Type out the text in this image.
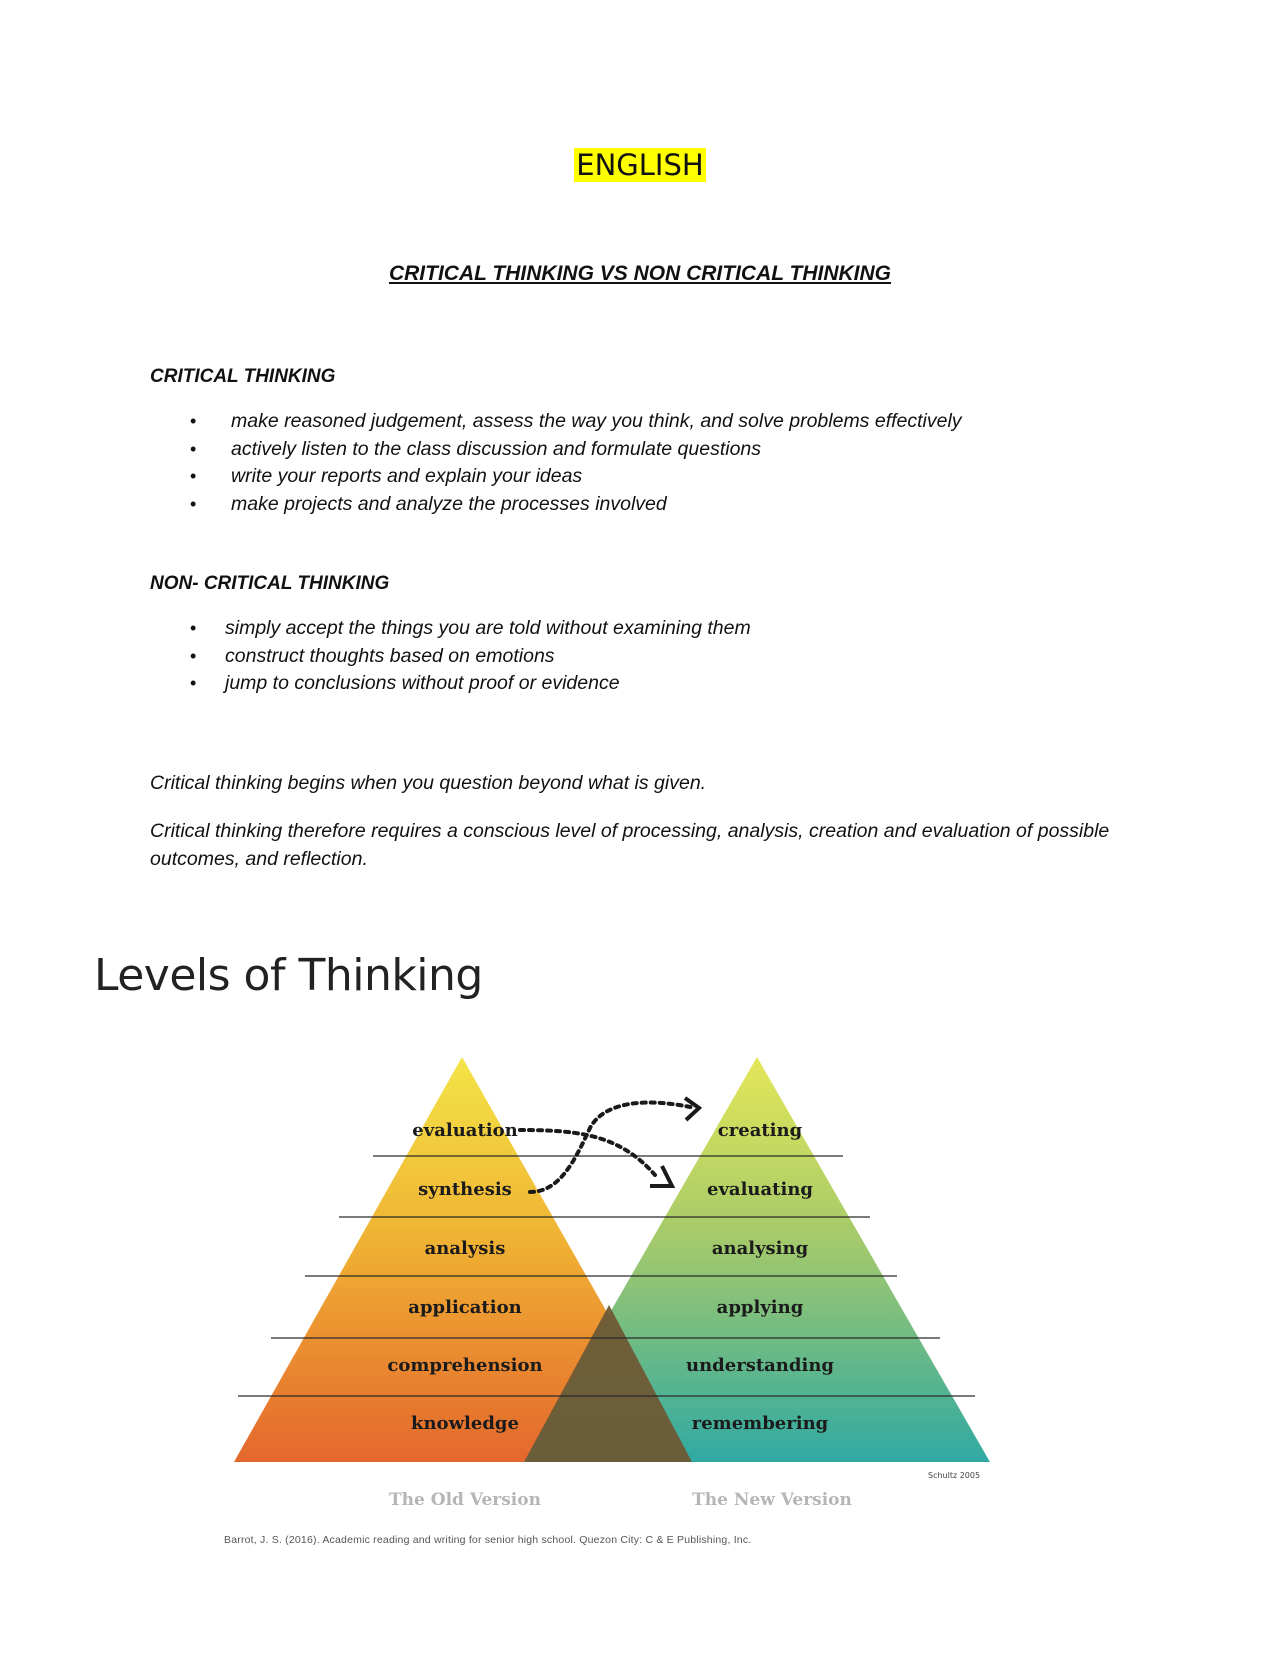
ENGLISH
CRITICAL THINKING VS NON CRITICAL THINKING
CRITICAL THINKING
• make reasoned judgement, assess the way you think, and solve problems effectively
• actively listen to the class discussion and formulate questions
• write your reports and explain your ideas
• make projects and analyze the processes involved
NON- CRITICAL THINKING
• simply accept the things you are told without examining them
• construct thoughts based on emotions
• jump to conclusions without proof or evidence

Critical thinking begins when you question beyond what is given.

Critical thinking therefore requires a conscious level of processing, analysis, creation and evaluation of possible outcomes, and reflection.

Levels of Thinking
evaluation
synthesis
analysis
application
comprehension
knowledge
creating
evaluating
analysing
applying
understanding
remembering
Schultz 2005
The Old Version	The New Version
Barrot, J. S. (2016). Academic reading and writing for senior high school. Quezon City: C & E Publishing, Inc.
